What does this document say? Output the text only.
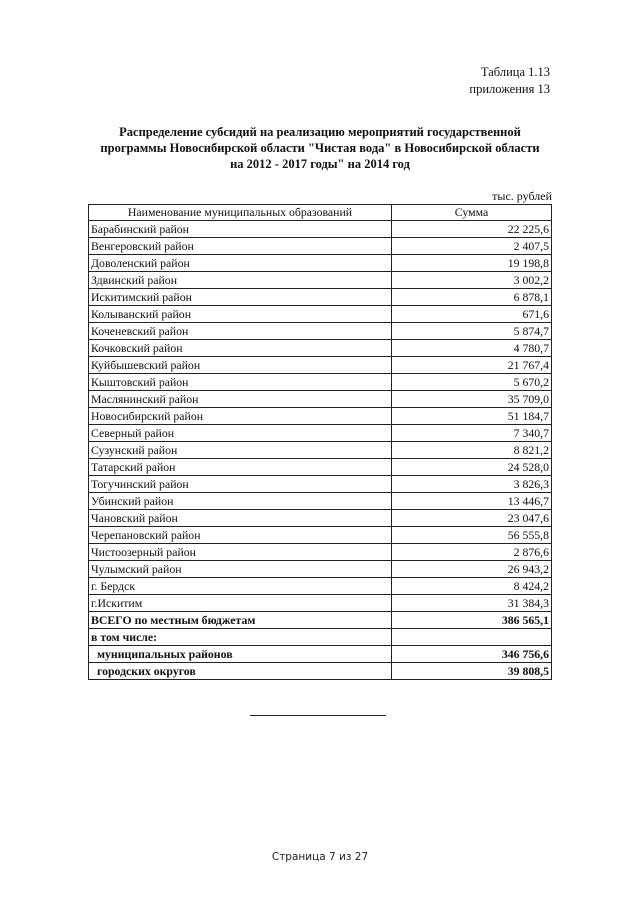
Таблица 1.13
приложения 13
Распределение субсидий на реализацию мероприятий государственной
программы Новосибирской области "Чистая вода" в Новосибирской области
на 2012 - 2017 годы" на 2014 год
тыс. рублей
Наименование муниципальных образований	Сумма
Барабинский район	22 225,6
Венгеровский район	2 407,5
Доволенский район	19 198,8
Здвинский район	3 002,2
Искитимский район	6 878,1
Колыванский район	671,6
Коченевский район	5 874,7
Кочковский район	4 780,7
Куйбышевский район	21 767,4
Кыштовский район	5 670,2
Маслянинский район	35 709,0
Новосибирский район	51 184,7
Северный район	7 340,7
Сузунский район	8 821,2
Татарский район	24 528,0
Тогучинский район	3 826,3
Убинский район	13 446,7
Чановский район	23 047,6
Черепановский район	56 555,8
Чистоозерный район	2 876,6
Чулымский район	26 943,2
г. Бердск	8 424,2
г.Искитим	31 384,3
ВСЕГО по местным бюджетам	386 565,1
в том числе:	
муниципальных районов	346 756,6
городских округов	39 808,5
Страница 7 из 27
